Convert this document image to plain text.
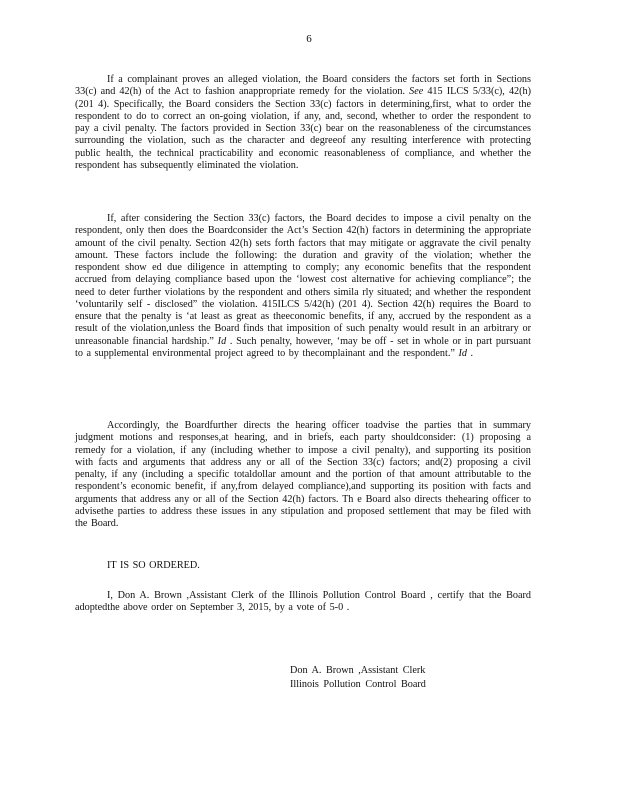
6

If a complainant proves an alleged violation, the Board considers the factors set forth in Sections 33(c) and 42(h) of the Act to fashion anappropriate remedy for the violation. See 415 ILCS 5/33(c), 42(h) (201 4). Specifically, the Board considers the Section 33(c) factors in determining,first, what to order the respondent to do to correct an on-going violation, if any, and, second, whether to order the respondent to pay a civil penalty. The factors provided in Section 33(c) bear on the reasonableness of the circumstances surrounding the violation, such as the character and degreeof any resulting interference with protecting public health, the technical practicability and economic reasonableness of compliance, and whether the respondent has subsequently eliminated the violation.

If, after considering the Section 33(c) factors, the Board decides to impose a civil penalty on the respondent, only then does the Boardconsider the Act’s Section 42(h) factors in determining the appropriate amount of the civil penalty. Section 42(h) sets forth factors that may mitigate or aggravate the civil penalty amount. These factors include the following: the duration and gravity of the violation; whether the respondent show ed due diligence in attempting to comply; any economic benefits that the respondent accrued from delaying compliance based upon the ‘lowest cost alternative for achieving compliance”; the need to deter further violations by the respondent and others simila rly situated; and whether the respondent ‘voluntarily self - disclosed” the violation. 415ILCS 5/42(h) (201 4). Section 42(h) requires the Board to ensure that the penalty is ‘at least as great as theeconomic benefits, if any, accrued by the respondent as a result of the violation,unless the Board finds that imposition of such penalty would result in an arbitrary or unreasonable financial hardship.” Id . Such penalty, however, ‘may be off - set in whole or in part pursuant to a supplemental environmental project agreed to by thecomplainant and the respondent.” Id .

Accordingly, the Boardfurther directs the hearing officer toadvise the parties that in summary judgment motions and responses,at hearing, and in briefs, each party shouldconsider: (1) proposing a remedy for a violation, if any (including whether to impose a civil penalty), and supporting its position with facts and arguments that address any or all of the Section 33(c) factors; and(2) proposing a civil penalty, if any (including a specific totaldollar amount and the portion of that amount attributable to the respondent’s economic benefit, if any,from delayed compliance),and supporting its position with facts and arguments that address any or all of the Section 42(h) factors. Th e Board also directs thehearing officer to advisethe parties to address these issues in any stipulation and proposed settlement that may be filed with the Board.

IT IS SO ORDERED.

I, Don A. Brown ,Assistant Clerk of the Illinois Pollution Control Board , certify that the Board adoptedthe above order on September 3, 2015, by a vote of 5-0 .

Don A. Brown ,Assistant Clerk
Illinois Pollution Control Board
